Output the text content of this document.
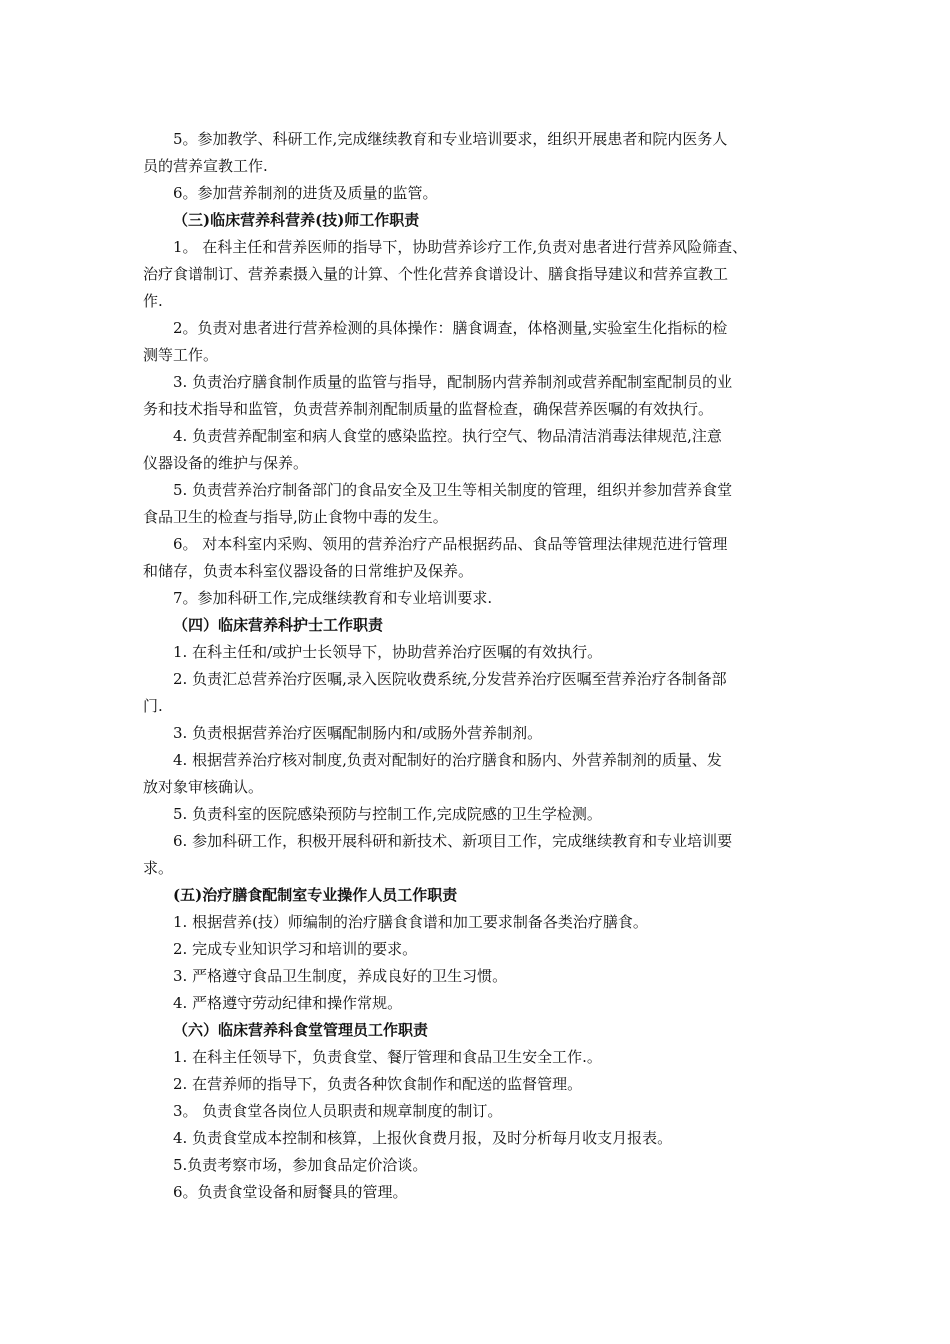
5。参加教学、科研工作,完成继续教育和专业培训要求，组织开展患者和院内医务人
员的营养宣教工作.
6。参加营养制剂的进货及质量的监管。
（三)临床营养科营养(技)师工作职责
1。 在科主任和营养医师的指导下，协助营养诊疗工作,负责对患者进行营养风险筛查、
治疗食谱制订、营养素摄入量的计算、个性化营养食谱设计、膳食指导建议和营养宣教工
作.
2。负责对患者进行营养检测的具体操作：膳食调查，体格测量,实验室生化指标的检
测等工作。
3. 负责治疗膳食制作质量的监管与指导，配制肠内营养制剂或营养配制室配制员的业
务和技术指导和监管，负责营养制剂配制质量的监督检查，确保营养医嘱的有效执行。
4. 负责营养配制室和病人食堂的感染监控。执行空气、物品清洁消毒法律规范,注意
仪器设备的维护与保养。
5. 负责营养治疗制备部门的食品安全及卫生等相关制度的管理，组织并参加营养食堂
食品卫生的检查与指导,防止食物中毒的发生。
6。 对本科室内采购、领用的营养治疗产品根据药品、食品等管理法律规范进行管理
和储存，负责本科室仪器设备的日常维护及保养。
7。参加科研工作,完成继续教育和专业培训要求.
（四）临床营养科护士工作职责
1. 在科主任和/或护士长领导下，协助营养治疗医嘱的有效执行。
2. 负责汇总营养治疗医嘱,录入医院收费系统,分发营养治疗医嘱至营养治疗各制备部
门.
3. 负责根据营养治疗医嘱配制肠内和/或肠外营养制剂。
4. 根据营养治疗核对制度,负责对配制好的治疗膳食和肠内、外营养制剂的质量、发
放对象审核确认。
5. 负责科室的医院感染预防与控制工作,完成院感的卫生学检测。
6. 参加科研工作，积极开展科研和新技术、新项目工作，完成继续教育和专业培训要
求。
(五)治疗膳食配制室专业操作人员工作职责
1. 根据营养(技）师编制的治疗膳食食谱和加工要求制备各类治疗膳食。
2. 完成专业知识学习和培训的要求。
3. 严格遵守食品卫生制度，养成良好的卫生习惯。
4. 严格遵守劳动纪律和操作常规。
（六）临床营养科食堂管理员工作职责
1. 在科主任领导下，负责食堂、餐厅管理和食品卫生安全工作.。
2. 在营养师的指导下，负责各种饮食制作和配送的监督管理。
3。 负责食堂各岗位人员职责和规章制度的制订。
4. 负责食堂成本控制和核算，上报伙食费月报，及时分析每月收支月报表。
5.负责考察市场，参加食品定价洽谈。
6。负责食堂设备和厨餐具的管理。
